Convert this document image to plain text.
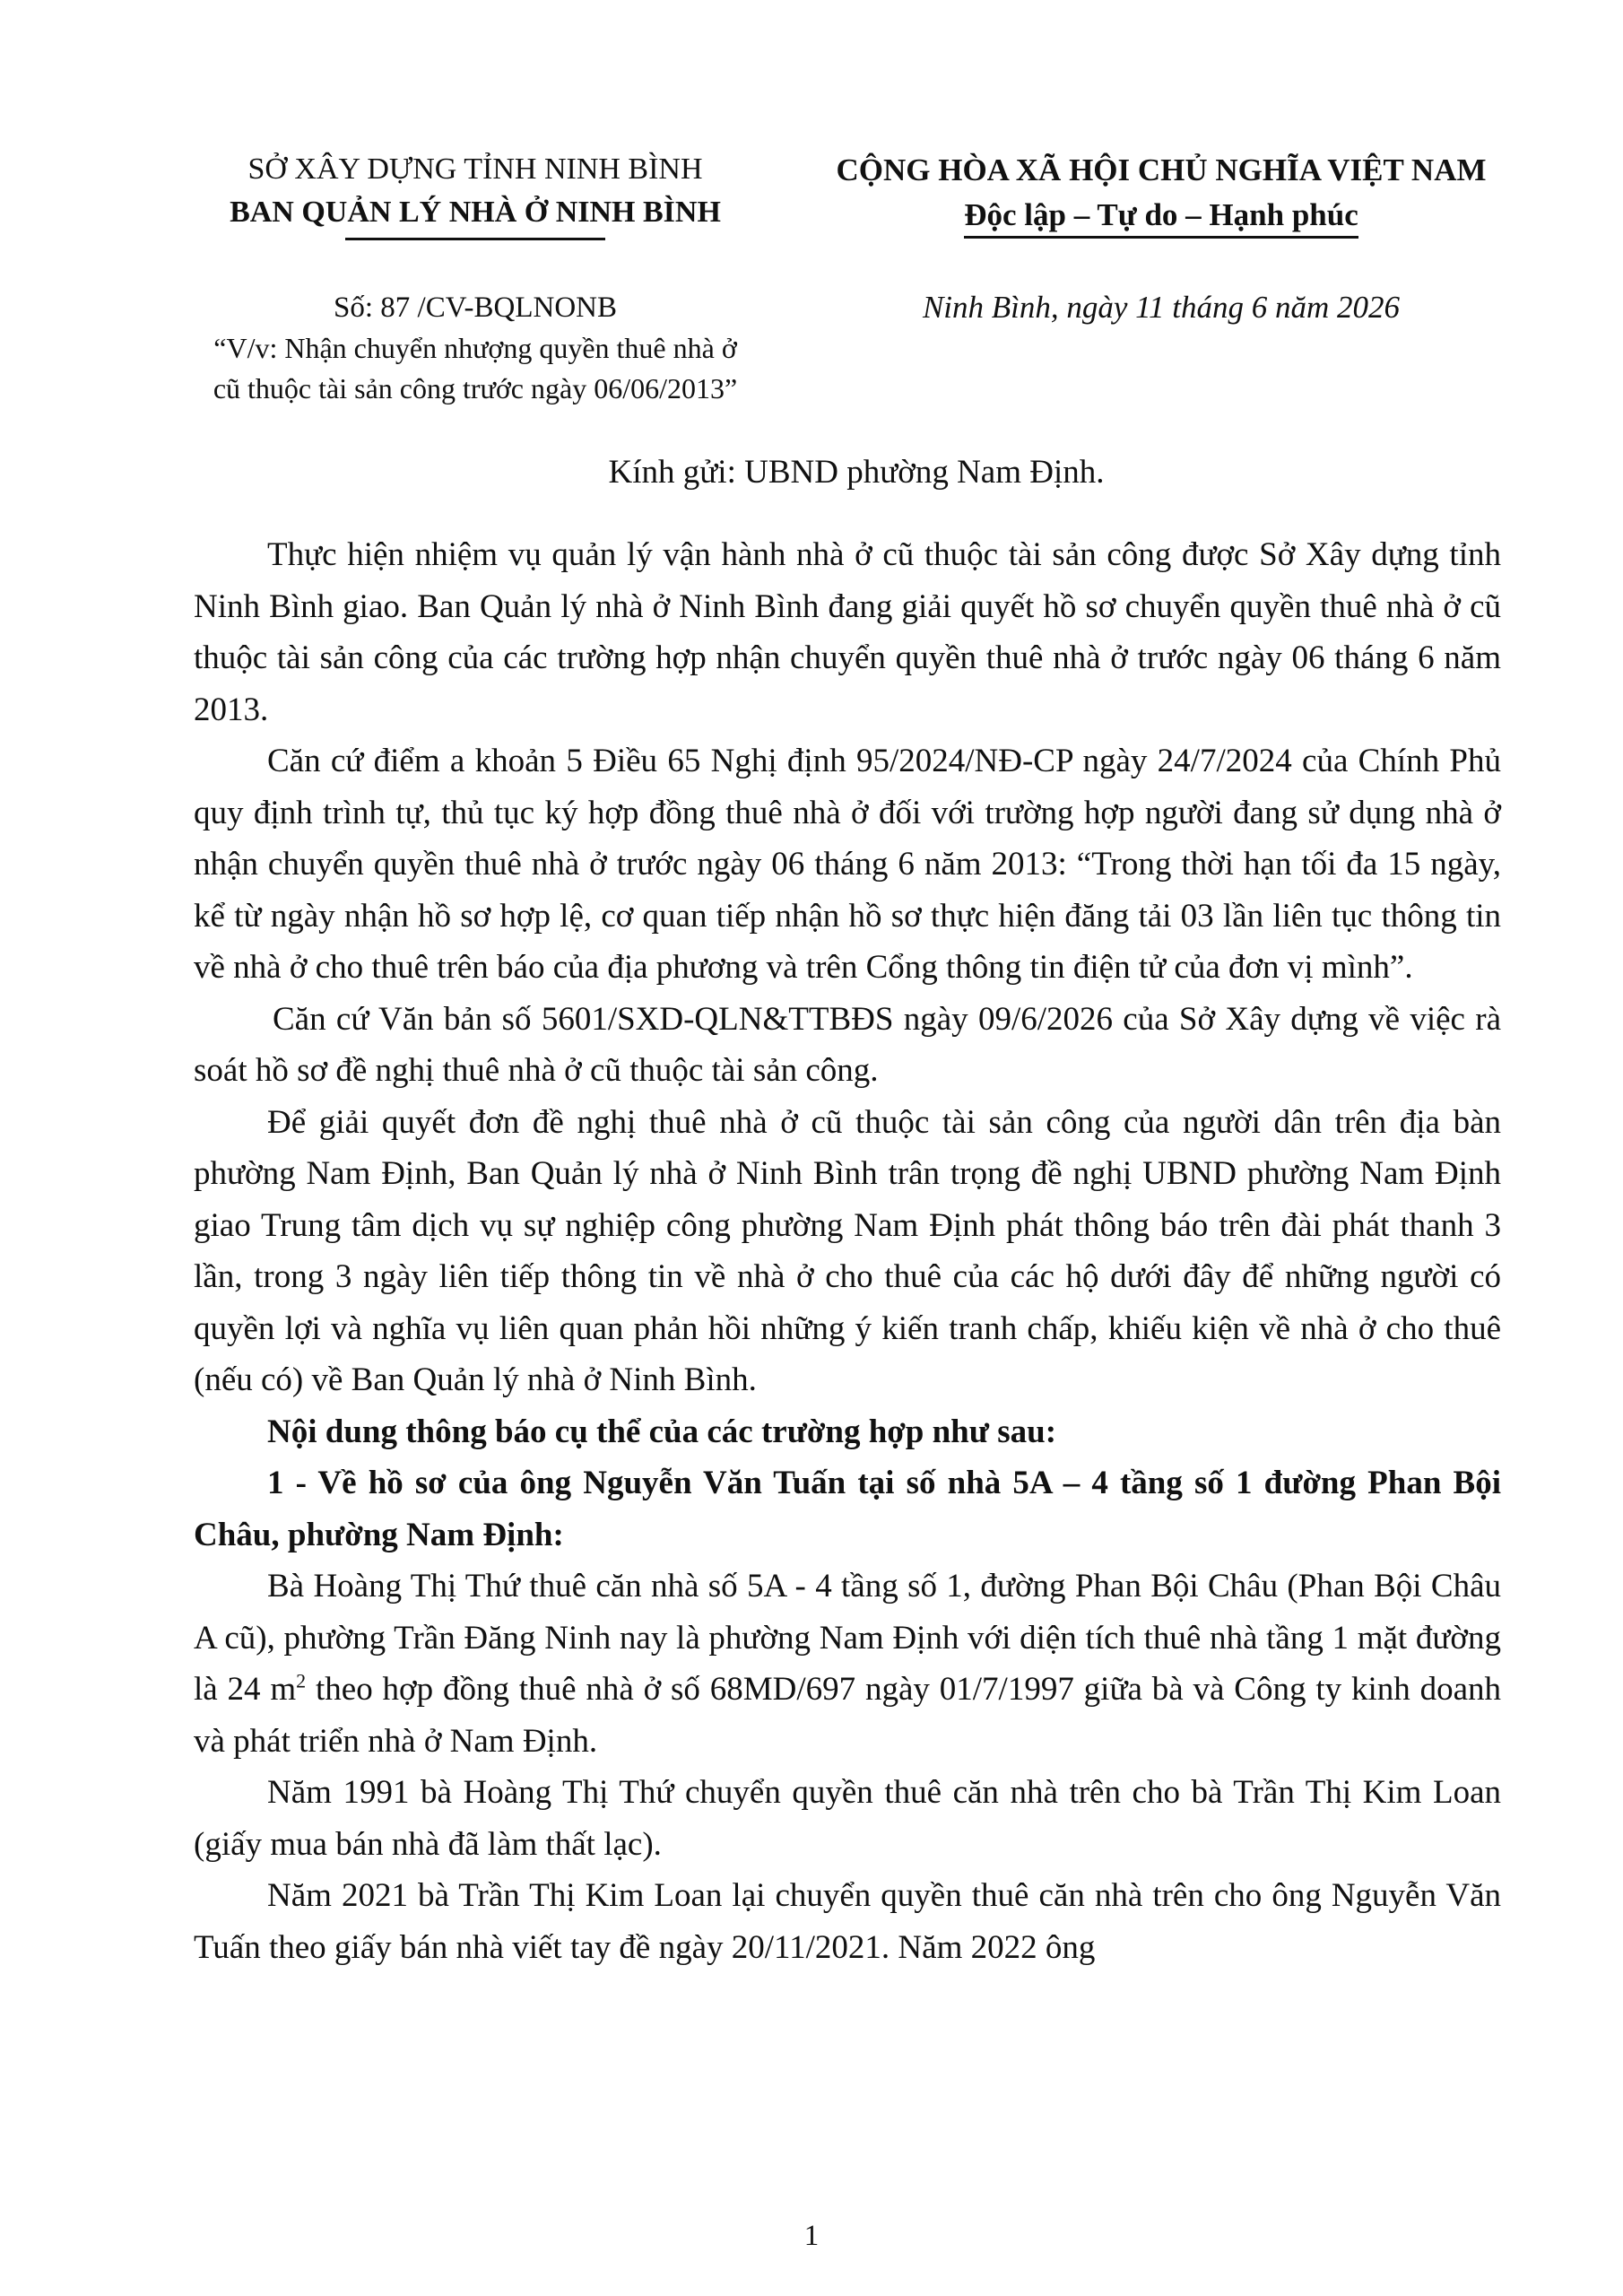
SỞ XÂY DỰNG TỈNH NINH BÌNH
BAN QUẢN LÝ NHÀ Ở NINH BÌNH
CỘNG HÒA XÃ HỘI CHỦ NGHĨA VIỆT NAM
Độc lập – Tự do – Hạnh phúc
Số: 87 /CV-BQLNONB
“V/v: Nhận chuyển nhượng quyền thuê nhà ở
cũ thuộc tài sản công trước ngày 06/06/2013”
Ninh Bình, ngày 11 tháng 6 năm 2026
Kính gửi: UBND phường Nam Định.

Thực hiện nhiệm vụ quản lý vận hành nhà ở cũ thuộc tài sản công được Sở Xây dựng tỉnh Ninh Bình giao. Ban Quản lý nhà ở Ninh Bình đang giải quyết hồ sơ chuyển quyền thuê nhà ở cũ thuộc tài sản công của các trường hợp nhận chuyển quyền thuê nhà ở trước ngày 06 tháng 6 năm 2013.

Căn cứ điểm a khoản 5 Điều 65 Nghị định 95/2024/NĐ-CP ngày 24/7/2024 của Chính Phủ quy định trình tự, thủ tục ký hợp đồng thuê nhà ở đối với trường hợp người đang sử dụng nhà ở nhận chuyển quyền thuê nhà ở trước ngày 06 tháng 6 năm 2013: “Trong thời hạn tối đa 15 ngày, kể từ ngày nhận hồ sơ hợp lệ, cơ quan tiếp nhận hồ sơ thực hiện đăng tải 03 lần liên tục thông tin về nhà ở cho thuê trên báo của địa phương và trên Cổng thông tin điện tử của đơn vị mình”.

Căn cứ Văn bản số 5601/SXD-QLN&TTBĐS ngày 09/6/2026 của Sở Xây dựng về việc rà soát hồ sơ đề nghị thuê nhà ở cũ thuộc tài sản công.

Để giải quyết đơn đề nghị thuê nhà ở cũ thuộc tài sản công của người dân trên địa bàn phường Nam Định, Ban Quản lý nhà ở Ninh Bình trân trọng đề nghị UBND phường Nam Định giao Trung tâm dịch vụ sự nghiệp công phường Nam Định phát thông báo trên đài phát thanh 3 lần, trong 3 ngày liên tiếp thông tin về nhà ở cho thuê của các hộ dưới đây để những người có quyền lợi và nghĩa vụ liên quan phản hồi những ý kiến tranh chấp, khiếu kiện về nhà ở cho thuê (nếu có) về Ban Quản lý nhà ở Ninh Bình.

Nội dung thông báo cụ thể của các trường hợp như sau:

1 - Về hồ sơ của ông Nguyễn Văn Tuấn tại số nhà 5A – 4 tầng số 1 đường Phan Bội Châu, phường Nam Định:

Bà Hoàng Thị Thứ thuê căn nhà số 5A - 4 tầng số 1, đường Phan Bội Châu (Phan Bội Châu A cũ), phường Trần Đăng Ninh nay là phường Nam Định với diện tích thuê nhà tầng 1 mặt đường là 24 $m^2$ theo hợp đồng thuê nhà ở số 68MD/697 ngày 01/7/1997 giữa bà và Công ty kinh doanh và phát triển nhà ở Nam Định.

Năm 1991 bà Hoàng Thị Thứ chuyển quyền thuê căn nhà trên cho bà Trần Thị Kim Loan (giấy mua bán nhà đã làm thất lạc).

Năm 2021 bà Trần Thị Kim Loan lại chuyển quyền thuê căn nhà trên cho ông Nguyễn Văn Tuấn theo giấy bán nhà viết tay đề ngày 20/11/2021. Năm 2022 ông

1
